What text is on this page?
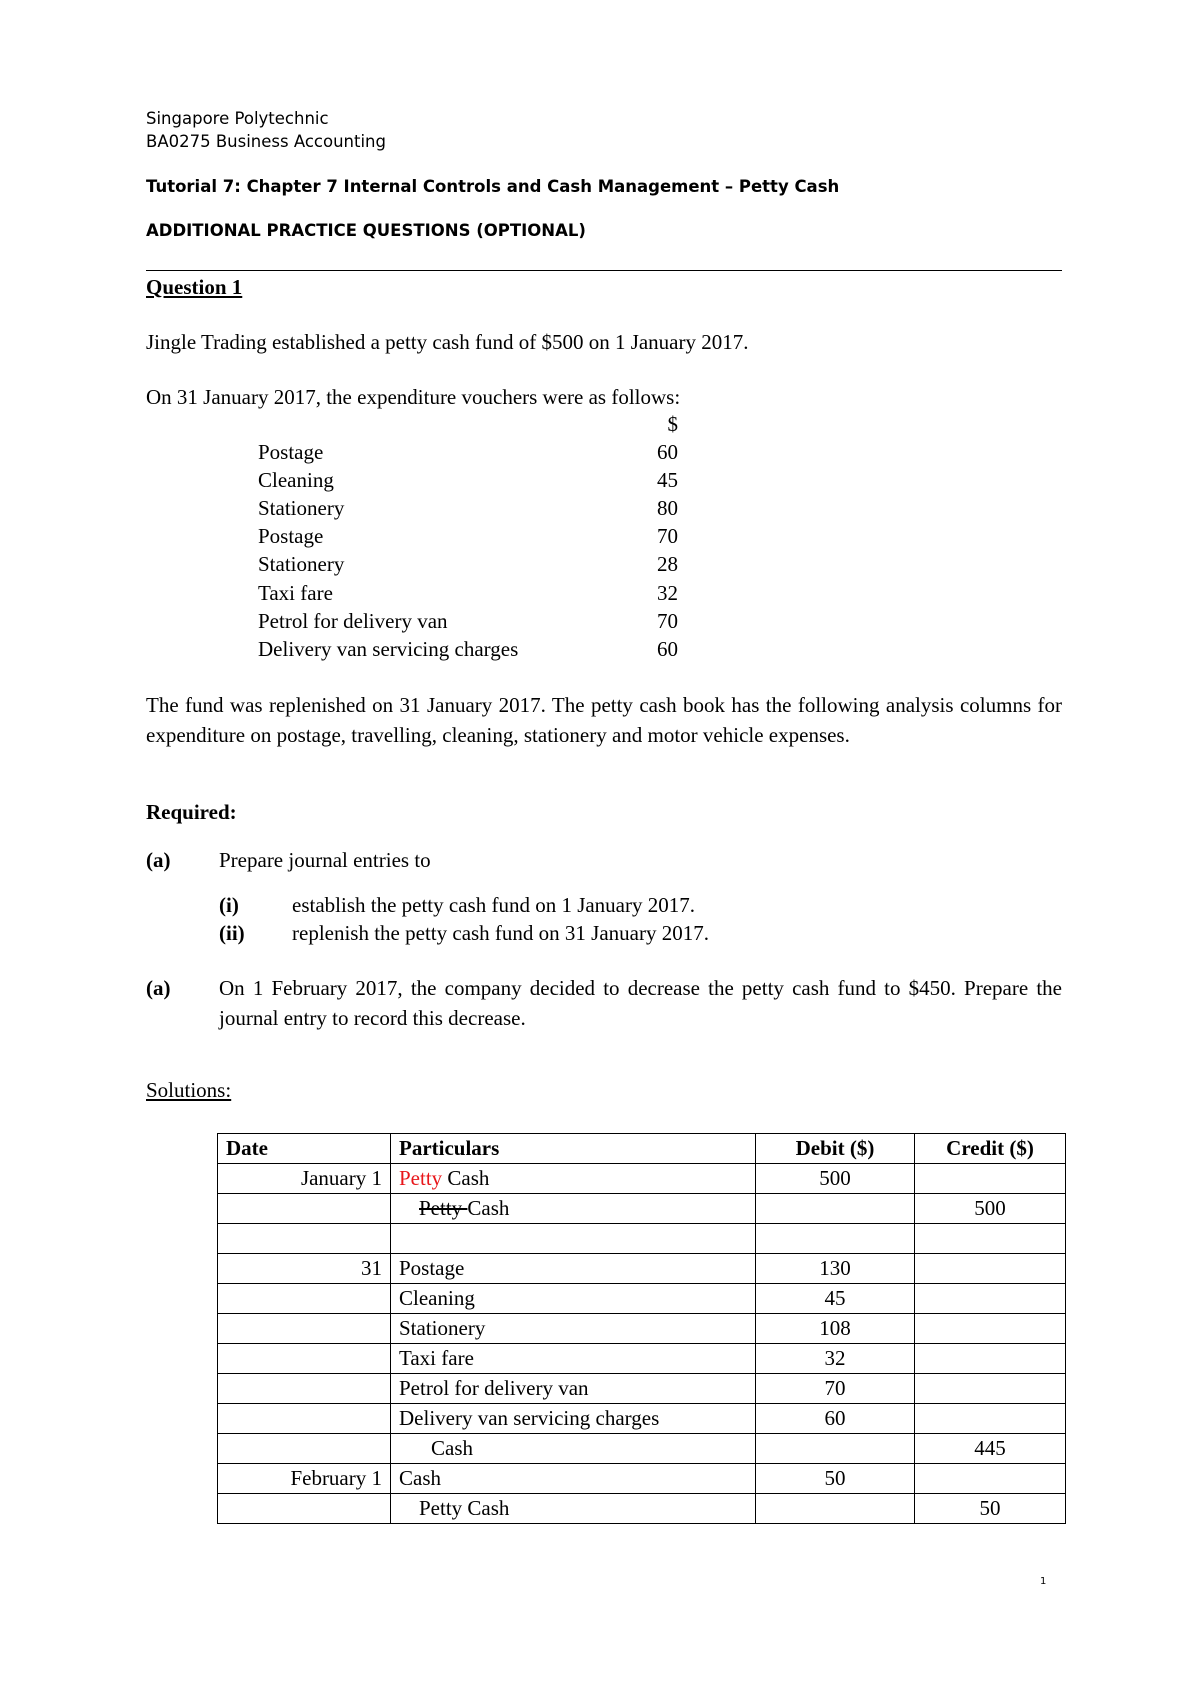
Singapore Polytechnic
BA0275 Business Accounting
Tutorial 7: Chapter 7 Internal Controls and Cash Management – Petty Cash
ADDITIONAL PRACTICE QUESTIONS (OPTIONAL)
Question 1
Jingle Trading established a petty cash fund of $500 on 1 January 2017.
On 31 January 2017, the expenditure vouchers were as follows:
$
Postage	60
Cleaning	45
Stationery	80
Postage	70
Stationery	28
Taxi fare	32
Petrol for delivery van	70
Delivery van servicing charges	60
The fund was replenished on 31 January 2017. The petty cash book has the following analysis columns for expenditure on postage, travelling, cleaning, stationery and motor vehicle expenses.
Required:
(a) Prepare journal entries to
(i)	establish the petty cash fund on 1 January 2017.
(ii) replenish the petty cash fund on 31 January 2017.
(a) On 1 February 2017, the company decided to decrease the petty cash fund to $450. Prepare the journal entry to record this decrease.
Solutions:
Date	Particulars	Debit ($)	Credit ($)
January 1	Petty Cash	500	
	Petty Cash		500

31	Postage	130	
	Cleaning	45	
	Stationery	108	
	Taxi fare	32	
	Petrol for delivery van	70	
	Delivery van servicing charges	60	
	Cash		445
February 1	Cash	50	
	Petty Cash		50
1
